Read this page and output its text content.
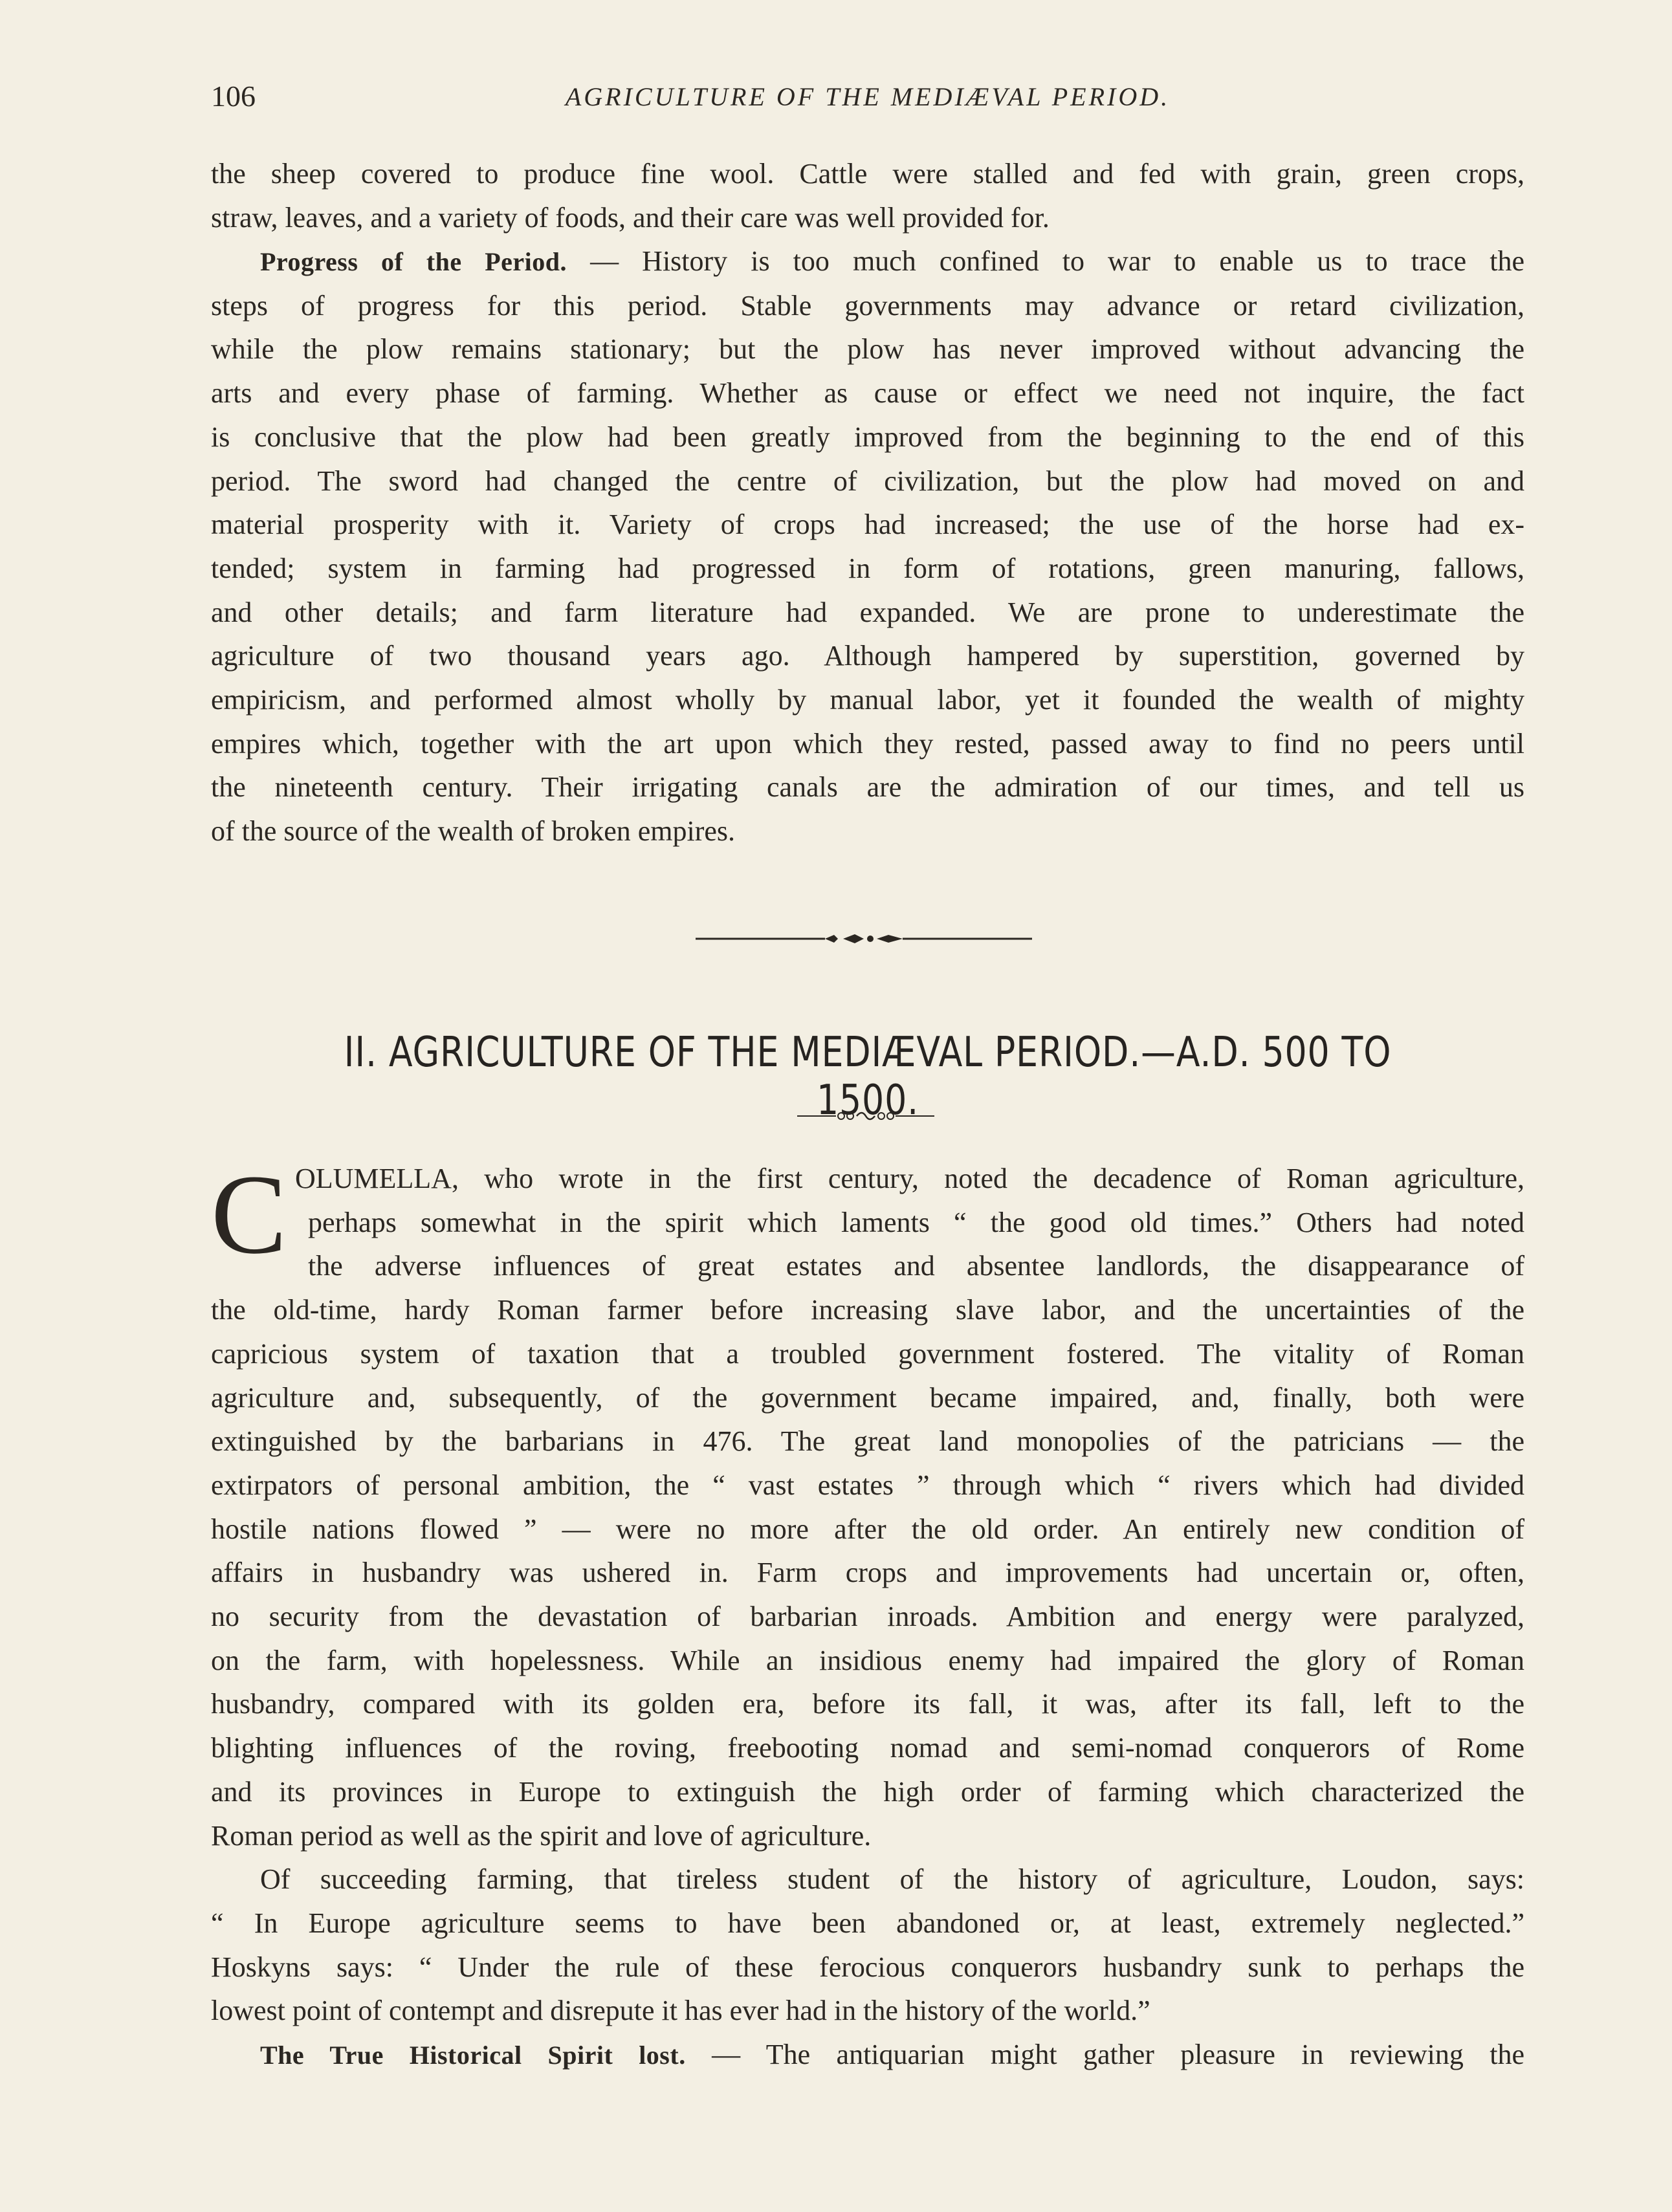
106	AGRICULTURE OF THE MEDIÆVAL PERIOD.

the sheep covered to produce fine wool. Cattle were stalled and fed with grain, green crops,
straw, leaves, and a variety of foods, and their care was well provided for.

Progress of the Period. — History is too much confined to war to enable us to trace the
steps of progress for this period. Stable governments may advance or retard civilization,
while the plow remains stationary; but the plow has never improved without advancing the
arts and every phase of farming. Whether as cause or effect we need not inquire, the fact
is conclusive that the plow had been greatly improved from the beginning to the end of this
period. The sword had changed the centre of civilization, but the plow had moved on and
material prosperity with it. Variety of crops had increased; the use of the horse had ex-
tended; system in farming had progressed in form of rotations, green manuring, fallows,
and other details; and farm literature had expanded. We are prone to underestimate the
agriculture of two thousand years ago. Although hampered by superstition, governed by
empiricism, and performed almost wholly by manual labor, yet it founded the wealth of mighty
empires which, together with the art upon which they rested, passed away to find no peers until
the nineteenth century. Their irrigating canals are the admiration of our times, and tell us
of the source of the wealth of broken empires.

II. AGRICULTURE OF THE MEDIÆVAL PERIOD.—A.D. 500 TO 1500.
C OLUMELLA, who wrote in the first century, noted the decadence of Roman agriculture,
perhaps somewhat in the spirit which laments “ the good old times.” Others had noted
the adverse influences of great estates and absentee landlords, the disappearance of
the old-time, hardy Roman farmer before increasing slave labor, and the uncertainties of the
capricious system of taxation that a troubled government fostered. The vitality of Roman
agriculture and, subsequently, of the government became impaired, and, finally, both were
extinguished by the barbarians in 476. The great land monopolies of the patricians — the
extirpators of personal ambition, the “ vast estates ” through which “ rivers which had divided
hostile nations flowed ” — were no more after the old order. An entirely new condition of
affairs in husbandry was ushered in. Farm crops and improvements had uncertain or, often,
no security from the devastation of barbarian inroads. Ambition and energy were paralyzed,
on the farm, with hopelessness. While an insidious enemy had impaired the glory of Roman
husbandry, compared with its golden era, before its fall, it was, after its fall, left to the
blighting influences of the roving, freebooting nomad and semi-nomad conquerors of Rome
and its provinces in Europe to extinguish the high order of farming which characterized the
Roman period as well as the spirit and love of agriculture.

Of succeeding farming, that tireless student of the history of agriculture, Loudon, says:
“ In Europe agriculture seems to have been abandoned or, at least, extremely neglected.”
Hoskyns says: “ Under the rule of these ferocious conquerors husbandry sunk to perhaps the
lowest point of contempt and disrepute it has ever had in the history of the world.”

The True Historical Spirit lost. — The antiquarian might gather pleasure in reviewing the
